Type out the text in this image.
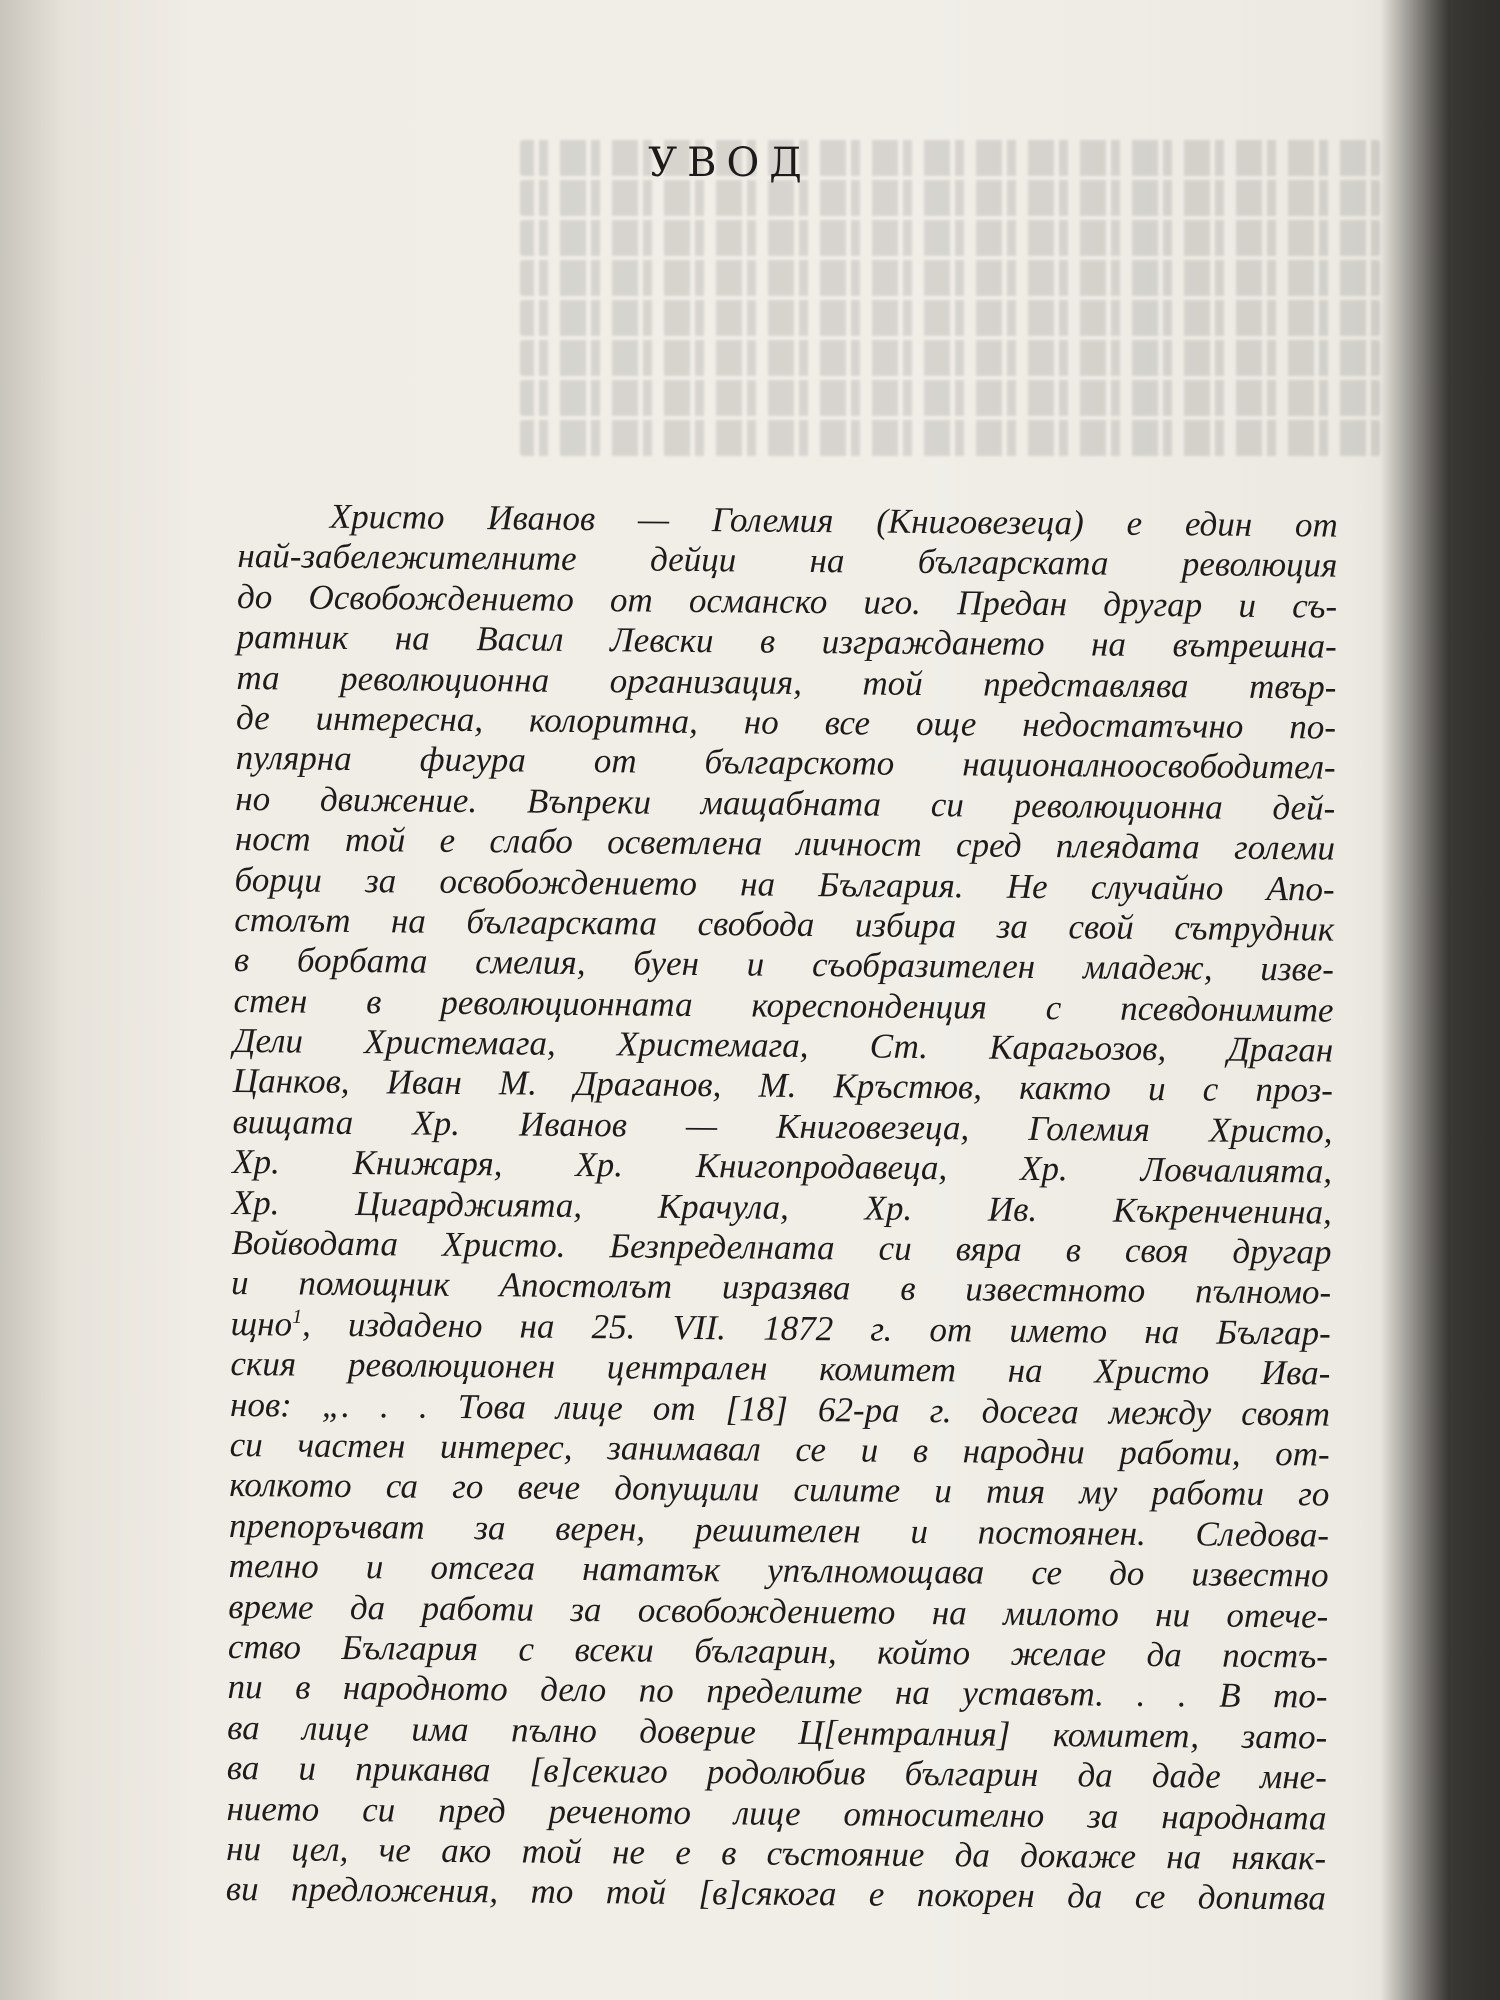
УВОД
Христо Иванов — Големия (Книговезеца) е един от
най-забележителните дейци на българската революция
до Освобождението от османско иго. Предан другар и съ-
ратник на Васил Левски в изграждането на вътрешна-
та революционна организация, той представлява твър-
де интересна, колоритна, но все още недостатъчно по-
пулярна фигура от българското националноосвободител-
но движение. Въпреки мащабната си революционна дей-
ност той е слабо осветлена личност сред плеядата големи
борци за освобождението на България. Не случайно Апо-
столът на българската свобода избира за свой сътрудник
в борбата смелия, буен и съобразителен младеж, изве-
стен в революционната кореспонденция с псевдонимите
Дели Христемага, Христемага, Ст. Карагьозов, Драган
Цанков, Иван М. Драганов, М. Кръстюв, както и с проз-
вищата Хр. Иванов — Книговезеца, Големия Христо,
Хр. Книжаря, Хр. Книгопродавеца, Хр. Ловчалията,
Хр. Цигарджията, Крачула, Хр. Ив. Къкренченина,
Войводата Христо. Безпределната си вяра в своя другар
и помощник Апостолът изразява в известното пълномо-
щно$^1$, издадено на 25. VII. 1872 г. от името на Българ-
ския революционен централен комитет на Христо Ива-
нов: „. . . Това лице от [18] 62-ра г. досега между своят
си частен интерес, занимавал се и в народни работи, от-
колкото са го вече допущили силите и тия му работи го
препоръчват за верен, решителен и постоянен. Следова-
телно и отсега нататък упълномощава се до известно
време да работи за освобождението на милото ни отече-
ство България с всеки българин, който желае да постъ-
пи в народното дело по пределите на уставът. . . В то-
ва лице има пълно доверие Ц[ентралния] комитет, зато-
ва и приканва [в]секиго родолюбив българин да даде мне-
нието си пред реченото лице относително за народната
ни цел, че ако той не е в състояние да докаже на някак-
ви предложения, то той [в]сякога е покорен да се допитва
